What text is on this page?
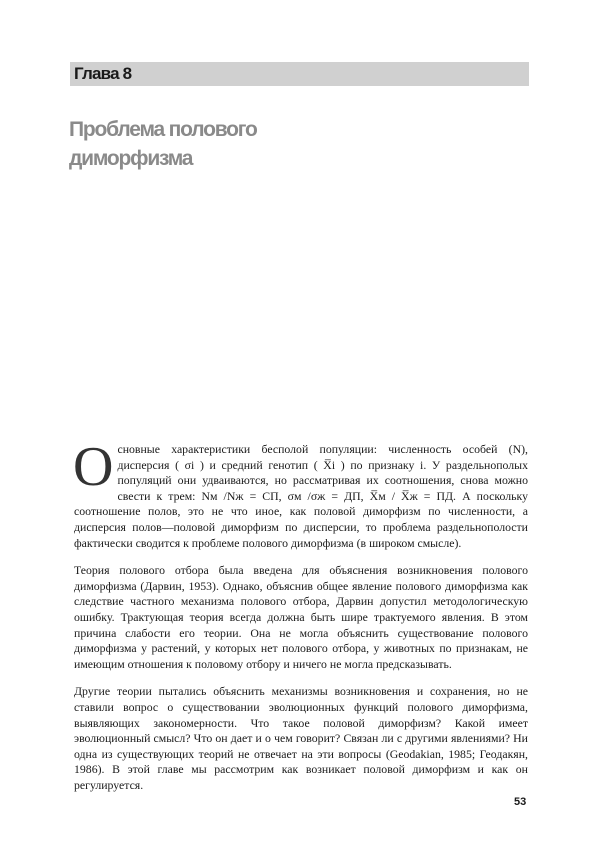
Глава 8
Проблема полового
диморфизма
О сновные характеристики бесполой популяции: численность особей (N), дисперсия ( σi ) и средний генотип ( X̅i ) по признаку i. У раздельнополых популяций они удваиваются, но рассматривая их соотношения, снова можно свести к трем: Nм /Nж = СП, σм /σж = ДП, X̅м / X̅ж = ПД. А поскольку соотношение полов, это не что иное, как половой диморфизм по численности, а дисперсия полов—половой диморфизм по дисперсии, то проблема раздельнополости фактически сводится к проблеме полового диморфизма (в широком смысле).

Теория полового отбора была введена для объяснения возникновения полового диморфизма (Дарвин, 1953). Однако, объяснив общее явление полового диморфизма как следствие частного механизма полового отбора, Дарвин допустил методологическую ошибку. Трактующая теория всегда должна быть шире трактуемого явления. В этом причина слабости его теории. Она не могла объяснить существование полового диморфизма у растений, у которых нет полового отбора, у животных по признакам, не имеющим отношения к половому отбору и ничего не могла предсказывать.

Другие теории пытались объяснить механизмы возникновения и сохранения, но не ставили вопрос о существовании эволюционных функций полового диморфизма, выявляющих закономерности. Что такое половой диморфизм? Какой имеет эволюционный смысл? Что он дает и о чем говорит? Связан ли с другими явлениями? Ни одна из существующих теорий не отвечает на эти вопросы (Geodakian, 1985; Геодакян, 1986). В этой главе мы рассмотрим как возникает половой диморфизм и как он регулируется.

53
